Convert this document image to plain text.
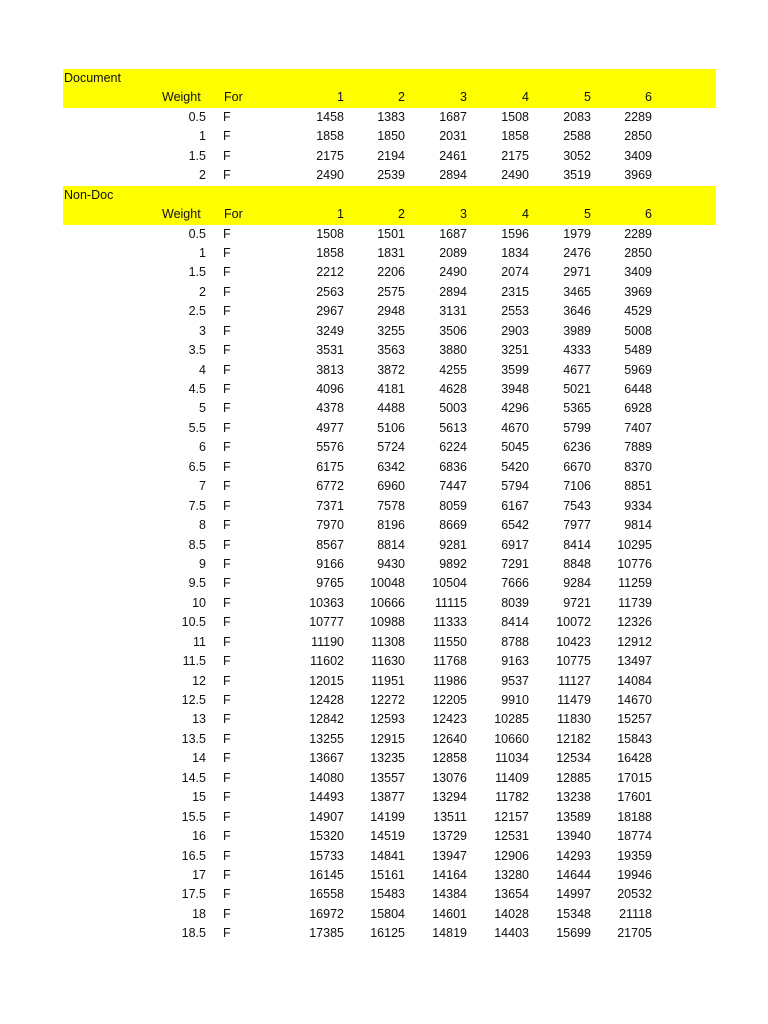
Document
Weight For	1	2	3	4	5	6
0.5 F	1458	1383	1687	1508	2083	2289
1 F	1858	1850	2031	1858	2588	2850
1.5 F	2175	2194	2461	2175	3052	3409
2 F	2490	2539	2894	2490	3519	3969
Non-Doc
Weight For	1	2	3	4	5	6
0.5 F	1508	1501	1687	1596	1979	2289
1 F	1858	1831	2089	1834	2476	2850
1.5 F	2212	2206	2490	2074	2971	3409
2 F	2563	2575	2894	2315	3465	3969
2.5 F	2967	2948	3131	2553	3646	4529
3 F	3249	3255	3506	2903	3989	5008
3.5 F	3531	3563	3880	3251	4333	5489
4 F	3813	3872	4255	3599	4677	5969
4.5 F	4096	4181	4628	3948	5021	6448
5 F	4378	4488	5003	4296	5365	6928
5.5 F	4977	5106	5613	4670	5799	7407
6 F	5576	5724	6224	5045	6236	7889
6.5 F	6175	6342	6836	5420	6670	8370
7 F	6772	6960	7447	5794	7106	8851
7.5 F	7371	7578	8059	6167	7543	9334
8 F	7970	8196	8669	6542	7977	9814
8.5 F	8567	8814	9281	6917	8414 10295
9 F	9166	9430	9892	7291	8848 10776
9.5 F	9765 10048 10504	7666	9284 11259
10 F	10363 10666 11115	8039	9721 11739
10.5 F	10777 10988 11333	8414 10072 12326
11 F	11190 11308 11550	8788 10423 12912
11.5 F	11602 11630 11768	9163 10775 13497
12 F	12015 11951 11986	9537 11127 14084
12.5 F	12428 12272 12205	9910 11479 14670
13 F	12842 12593 12423 10285 11830 15257
13.5 F	13255 12915 12640 10660 12182 15843
14 F	13667 13235 12858 11034 12534 16428
14.5 F	14080 13557 13076 11409 12885 17015
15 F	14493 13877 13294 11782 13238 17601
15.5 F	14907 14199 13511 12157 13589 18188
16 F	15320 14519 13729 12531 13940 18774
16.5 F	15733 14841 13947 12906 14293 19359
17 F	16145 15161 14164 13280 14644 19946
17.5 F	16558 15483 14384 13654 14997 20532
18 F	16972 15804 14601 14028 15348 21118
18.5 F	17385 16125 14819 14403 15699 21705
